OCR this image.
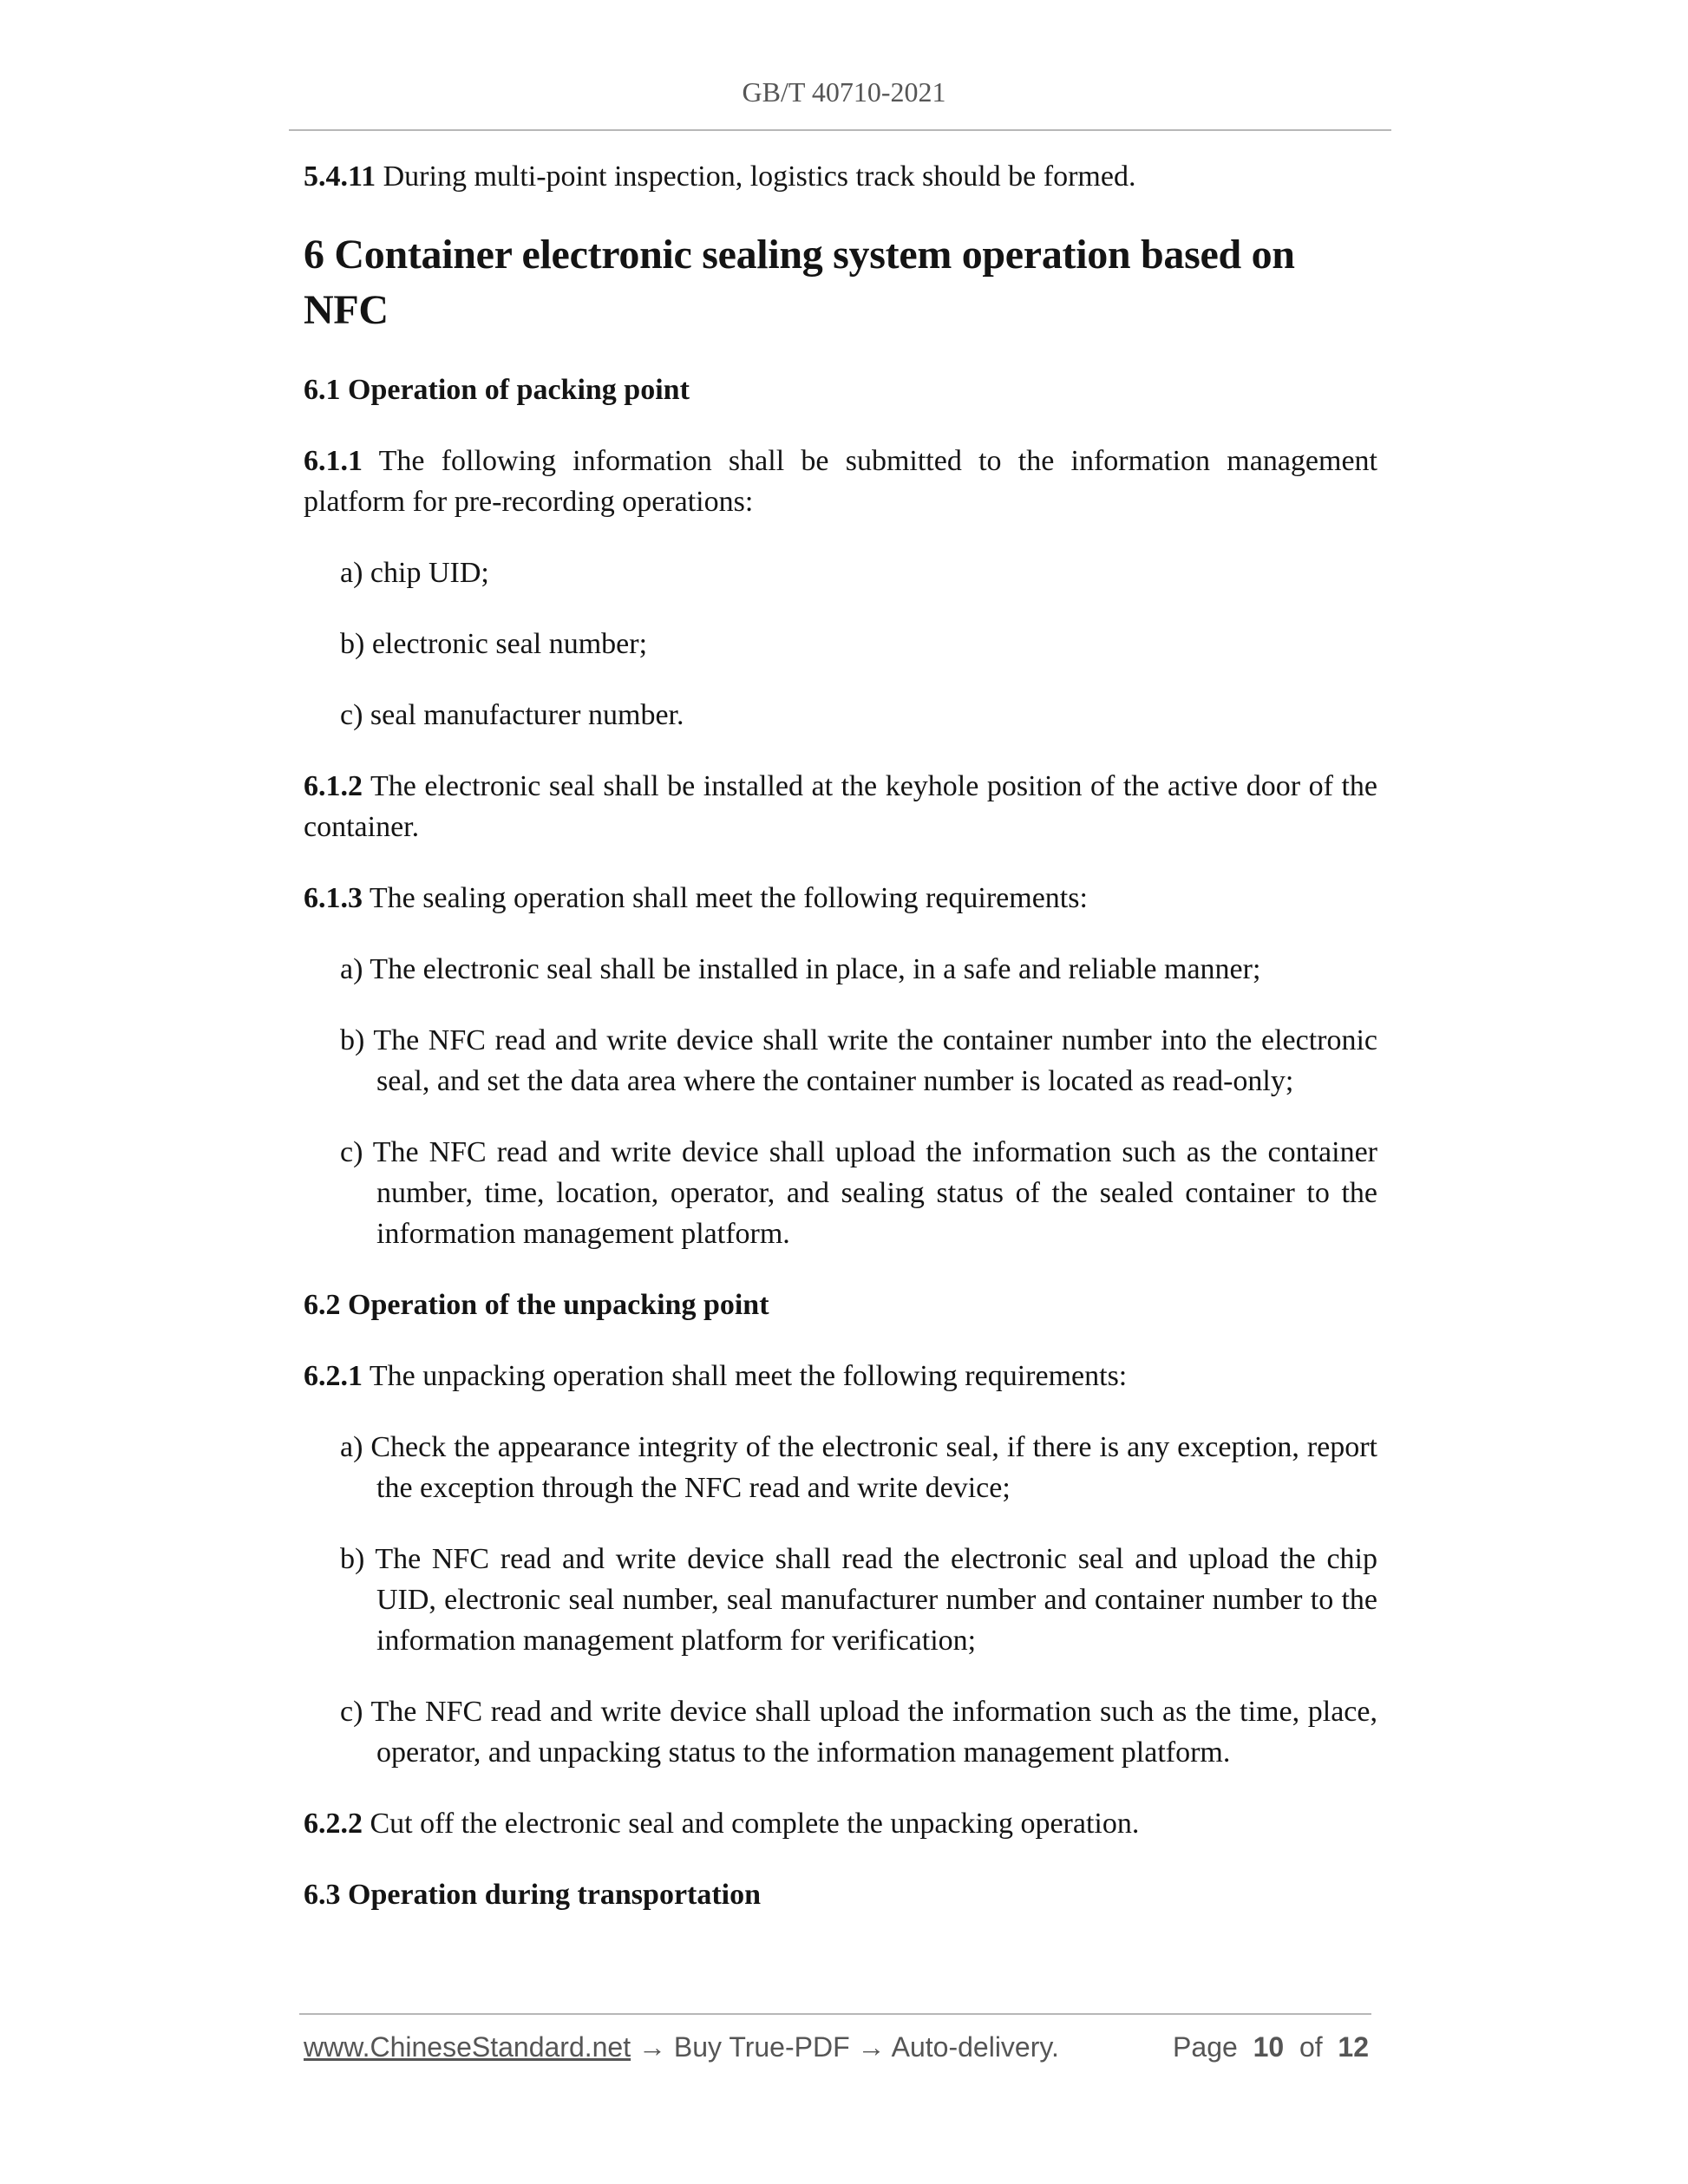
GB/T 40710-2021

5.4.11 During multi-point inspection, logistics track should be formed.

6 Container electronic sealing system operation based on NFC
6.1 Operation of packing point

6.1.1 The following information shall be submitted to the information management platform for pre-recording operations:

a) chip UID;

b) electronic seal number;

c) seal manufacturer number.

6.1.2 The electronic seal shall be installed at the keyhole position of the active door of the container.

6.1.3 The sealing operation shall meet the following requirements:

a) The electronic seal shall be installed in place, in a safe and reliable manner;

b) The NFC read and write device shall write the container number into the electronic seal, and set the data area where the container number is located as read-only;

c) The NFC read and write device shall upload the information such as the container number, time, location, operator, and sealing status of the sealed container to the information management platform.

6.2 Operation of the unpacking point

6.2.1 The unpacking operation shall meet the following requirements:

a) Check the appearance integrity of the electronic seal, if there is any exception, report the exception through the NFC read and write device;

b) The NFC read and write device shall read the electronic seal and upload the chip UID, electronic seal number, seal manufacturer number and container number to the information management platform for verification;

c) The NFC read and write device shall upload the information such as the time, place, operator, and unpacking status to the information management platform.

6.2.2 Cut off the electronic seal and complete the unpacking operation.

6.3 Operation during transportation
www.ChineseStandard.net → Buy True-PDF → Auto-delivery.	Page 10 of 12
